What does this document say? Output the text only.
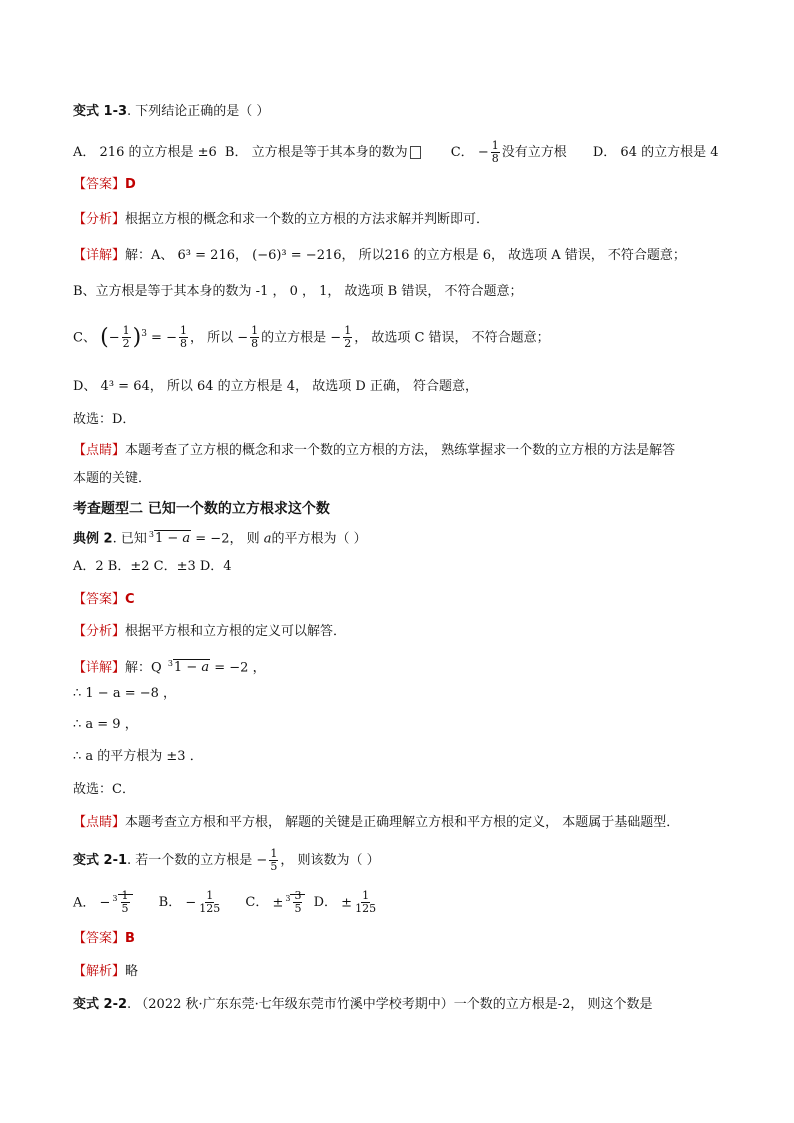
变式 1-3. 下列结论正确的是（ ）
A． 216 的立方根是 ±6 B． 立方根是等于其本身的数为	C． − $\frac{1}{8}$ 没有立方根 D． 64 的立方根是 4
【答案】D
【分析】根据立方根的概念和求一个数的立方根的方法求解并判断即可．
【详解】解：A、 6³ = 216， (−6)³ = −216， 所以216 的立方根是 6， 故选项 A 错误， 不符合题意；
B、立方根是等于其本身的数为 -1 ， 0 ， 1， 故选项 B 错误， 不符合题意；
C、 (− $\frac{1}{2} )^3$ = − $\frac{1}{8}$ ， 所以 − $\frac{1}{8}$ 的立方根是 − $\frac{1}{2}$ ， 故选项 C 错误， 不符合题意；
D、 4³ = 64， 所以 64 的立方根是 4， 故选项 D 正确， 符合题意，
故选：D．
【点睛】本题考查了立方根的概念和求一个数的立方根的方法， 熟练掌握求一个数的立方根的方法是解答
本题的关键．
考查题型二 已知一个数的立方根求这个数
典例 2. 已知 $^3$1 − a = −2， 则 a的平方根为（ ）
A．2 B．±2 C．±3 D．4
【答案】C
【分析】根据平方根和立方根的定义可以解答．
【详解】解：Q $^3$1 − a = −2 ，
∴ 1 − a = −8 ，
∴ a = 9 ，
∴ a 的平方根为 ±3 ．
故选：C．
【点睛】本题考查立方根和平方根， 解题的关键是正确理解立方根和平方根的定义， 本题属于基础题型．
变式 2-1. 若一个数的立方根是 − $\frac{1}{5}$ ， 则该数为（ ）
A． − $^3 \frac{1}{5}$ B． − $\frac{1}{125}$ C． ± $^3 \frac{3}{5}$ D． ± $\frac{1}{125}$
【答案】B
【解析】略
变式 2-2. （2022 秋·广东东莞·七年级东莞市竹溪中学校考期中）一个数的立方根是-2， 则这个数是
